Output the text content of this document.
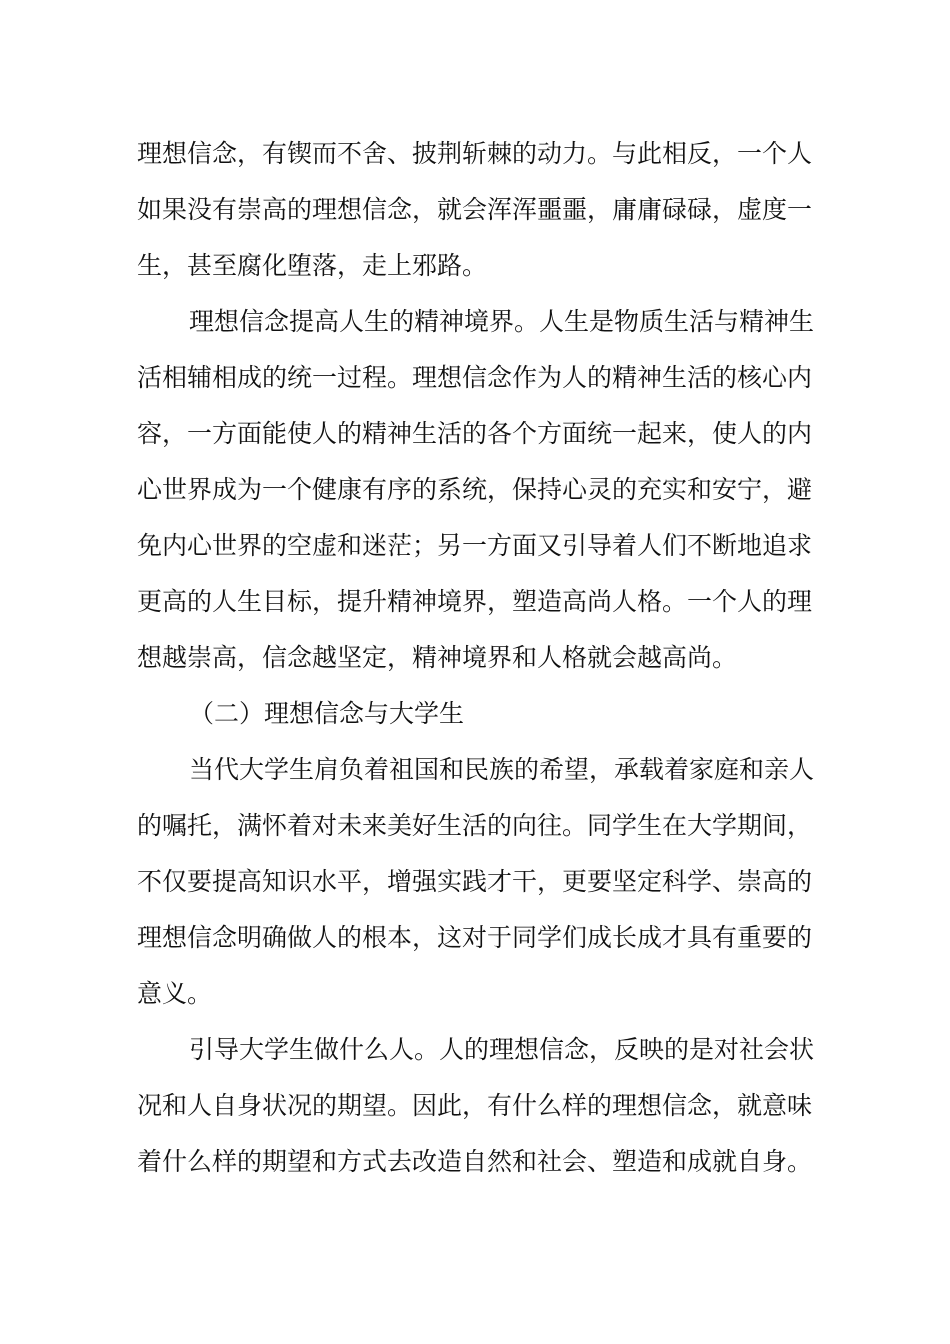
理想信念，有锲而不舍、披荆斩棘的动力。与此相反，一个人
如果没有崇高的理想信念，就会浑浑噩噩，庸庸碌碌，虚度一
生，甚至腐化堕落，走上邪路。
理想信念提高人生的精神境界。人生是物质生活与精神生
活相辅相成的统一过程。理想信念作为人的精神生活的核心内
容，一方面能使人的精神生活的各个方面统一起来，使人的内
心世界成为一个健康有序的系统，保持心灵的充实和安宁，避
免内心世界的空虚和迷茫；另一方面又引导着人们不断地追求
更高的人生目标，提升精神境界，塑造高尚人格。一个人的理
想越崇高，信念越坚定，精神境界和人格就会越高尚。
（二）理想信念与大学生
当代大学生肩负着祖国和民族的希望，承载着家庭和亲人
的嘱托，满怀着对未来美好生活的向往。同学生在大学期间，
不仅要提高知识水平，增强实践才干，更要坚定科学、崇高的
理想信念明确做人的根本，这对于同学们成长成才具有重要的
意义。
引导大学生做什么人。人的理想信念，反映的是对社会状
况和人自身状况的期望。因此，有什么样的理想信念，就意味
着什么样的期望和方式去改造自然和社会、塑造和成就自身。
